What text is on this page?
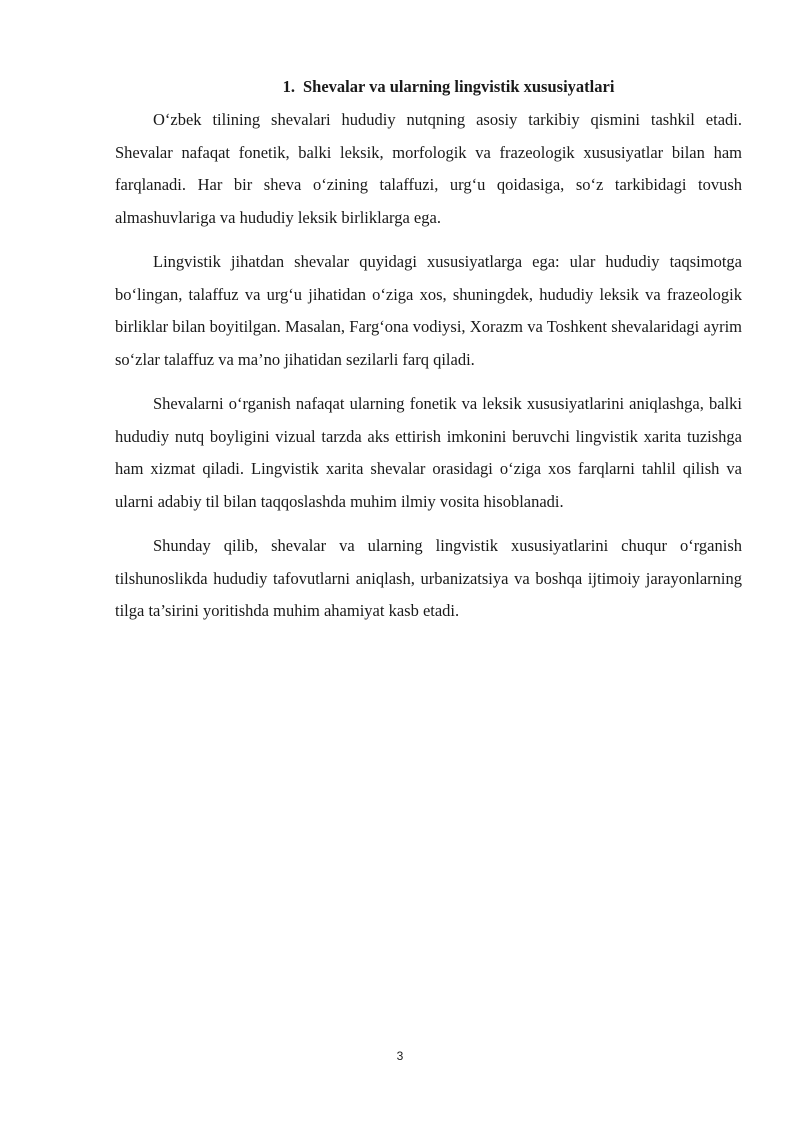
1. Shevalar va ularning lingvistik xususiyatlari

O‘zbek tilining shevalari hududiy nutqning asosiy tarkibiy qismini tashkil etadi. Shevalar nafaqat fonetik, balki leksik, morfologik va frazeologik xususiyatlar bilan ham farqlanadi. Har bir sheva o‘zining talaffuzi, urg‘u qoidasiga, so‘z tarkibidagi tovush almashuvlariga va hududiy leksik birliklarga ega.

Lingvistik jihatdan shevalar quyidagi xususiyatlarga ega: ular hududiy taqsimotga bo‘lingan, talaffuz va urg‘u jihatidan o‘ziga xos, shuningdek, hududiy leksik va frazeologik birliklar bilan boyitilgan. Masalan, Farg‘ona vodiysi, Xorazm va Toshkent shevalaridagi ayrim so‘zlar talaffuz va ma’no jihatidan sezilarli farq qiladi.

Shevalarni o‘rganish nafaqat ularning fonetik va leksik xususiyatlarini aniqlashga, balki hududiy nutq boyligini vizual tarzda aks ettirish imkonini beruvchi lingvistik xarita tuzishga ham xizmat qiladi. Lingvistik xarita shevalar orasidagi o‘ziga xos farqlarni tahlil qilish va ularni adabiy til bilan taqqoslashda muhim ilmiy vosita hisoblanadi.

Shunday qilib, shevalar va ularning lingvistik xususiyatlarini chuqur o‘rganish tilshunoslikda hududiy tafovutlarni aniqlash, urbanizatsiya va boshqa ijtimoiy jarayonlarning tilga ta’sirini yoritishda muhim ahamiyat kasb etadi.

3
